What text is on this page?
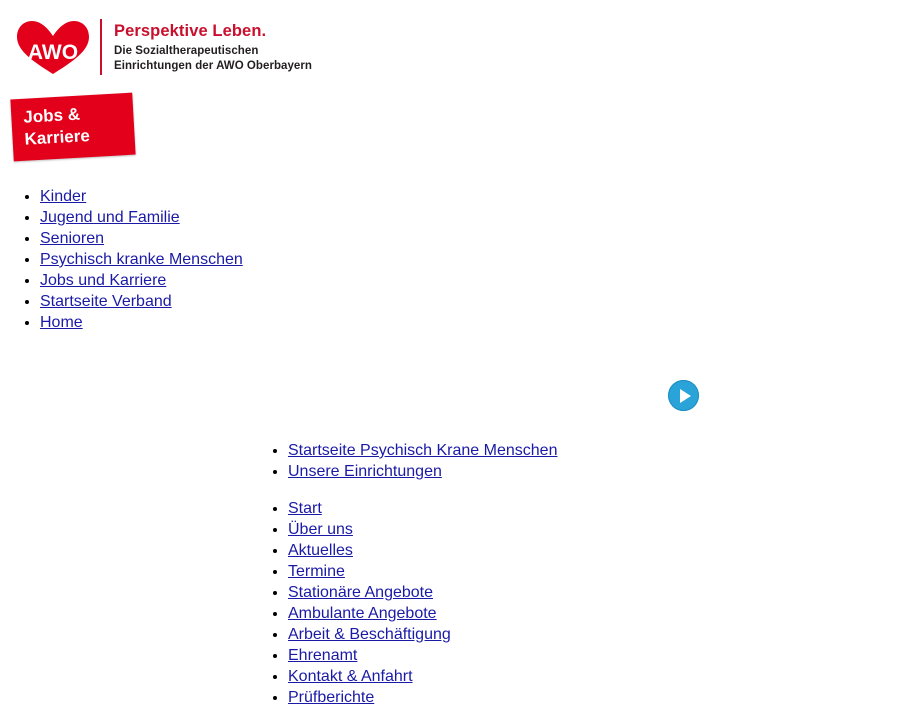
AWO
Perspektive Leben.
Die Sozialtherapeutischen
Einrichtungen der AWO Oberbayern
Jobs &
Karriere
• Kinder
• Jugend und Familie
• Senioren
• Psychisch kranke Menschen
• Jobs und Karriere
• Startseite Verband
• Home
• Startseite Psychisch Krane Menschen
• Unsere Einrichtungen
• Start
• Über uns
• Aktuelles
• Termine
• Stationäre Angebote
• Ambulante Angebote
• Arbeit & Beschäftigung
• Ehrenamt
• Kontakt & Anfahrt
• Prüfberichte
